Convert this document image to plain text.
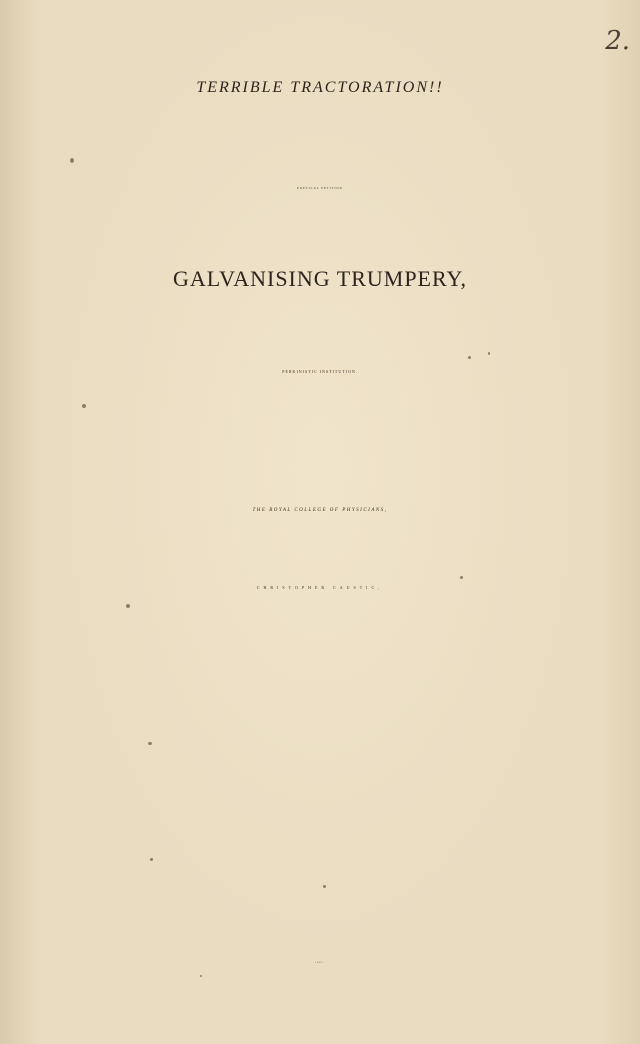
2.
TERRIBLE TRACTORATION!!
POETICAL PETITION
GALVANISING TRUMPERY,
PERKINISTIC INSTITUTION.
THE ROYAL COLLEGE OF PHYSICIANS,
CHRISTOPHER CAUSTIC,
1803.
